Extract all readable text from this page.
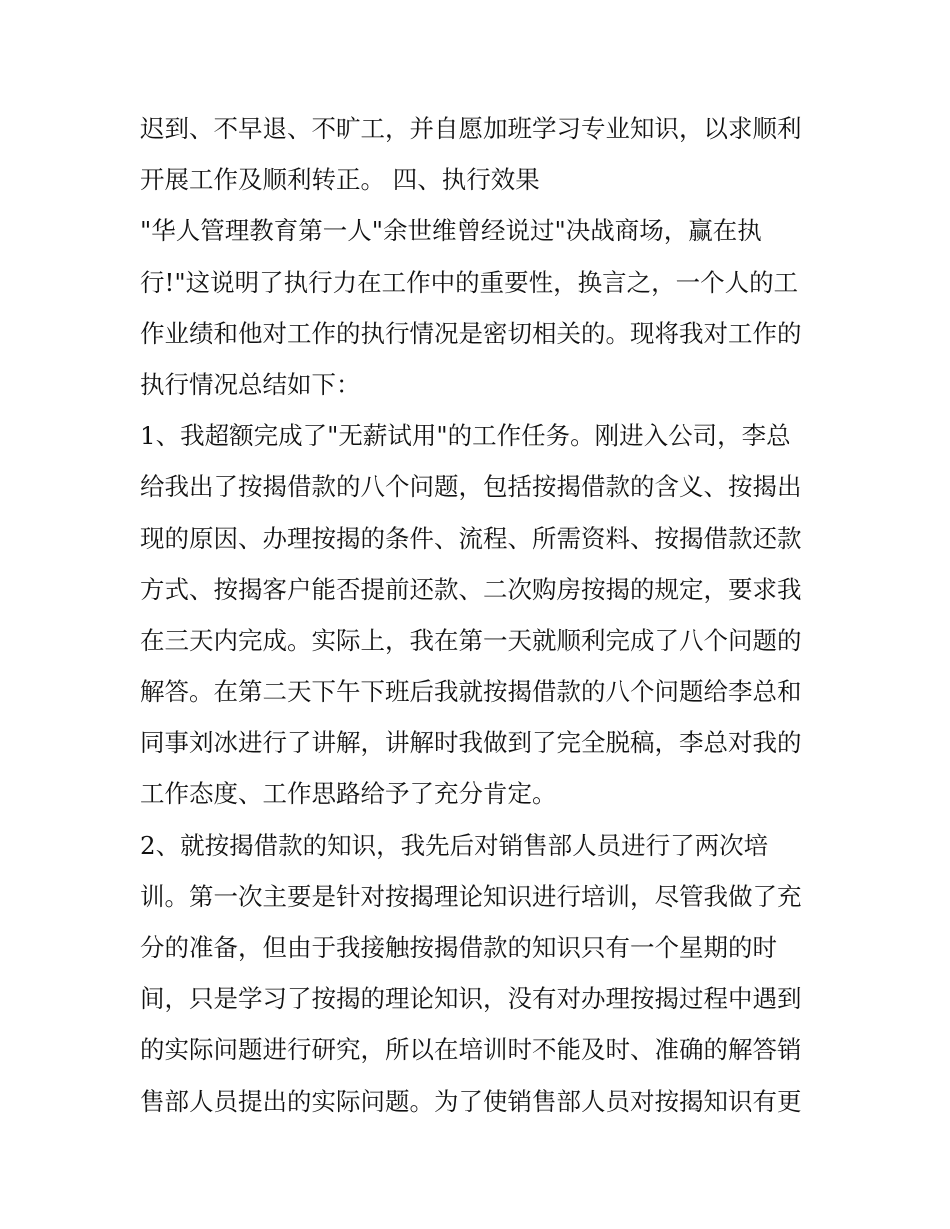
迟到、不早退、不旷工，并自愿加班学习专业知识，以求顺利

开展工作及顺利转正。 四、执行效果

"华人管理教育第一人"余世维曾经说过"决战商场，赢在执

行!"这说明了执行力在工作中的重要性，换言之，一个人的工

作业绩和他对工作的执行情况是密切相关的。现将我对工作的

执行情况总结如下：

1、我超额完成了"无薪试用"的工作任务。刚进入公司，李总

给我出了按揭借款的八个问题，包括按揭借款的含义、按揭出

现的原因、办理按揭的条件、流程、所需资料、按揭借款还款

方式、按揭客户能否提前还款、二次购房按揭的规定，要求我

在三天内完成。实际上，我在第一天就顺利完成了八个问题的

解答。在第二天下午下班后我就按揭借款的八个问题给李总和

同事刘冰进行了讲解，讲解时我做到了完全脱稿，李总对我的

工作态度、工作思路给予了充分肯定。

2、就按揭借款的知识，我先后对销售部人员进行了两次培

训。第一次主要是针对按揭理论知识进行培训，尽管我做了充

分的准备，但由于我接触按揭借款的知识只有一个星期的时

间，只是学习了按揭的理论知识，没有对办理按揭过程中遇到

的实际问题进行研究，所以在培训时不能及时、准确的解答销

售部人员提出的实际问题。为了使销售部人员对按揭知识有更
